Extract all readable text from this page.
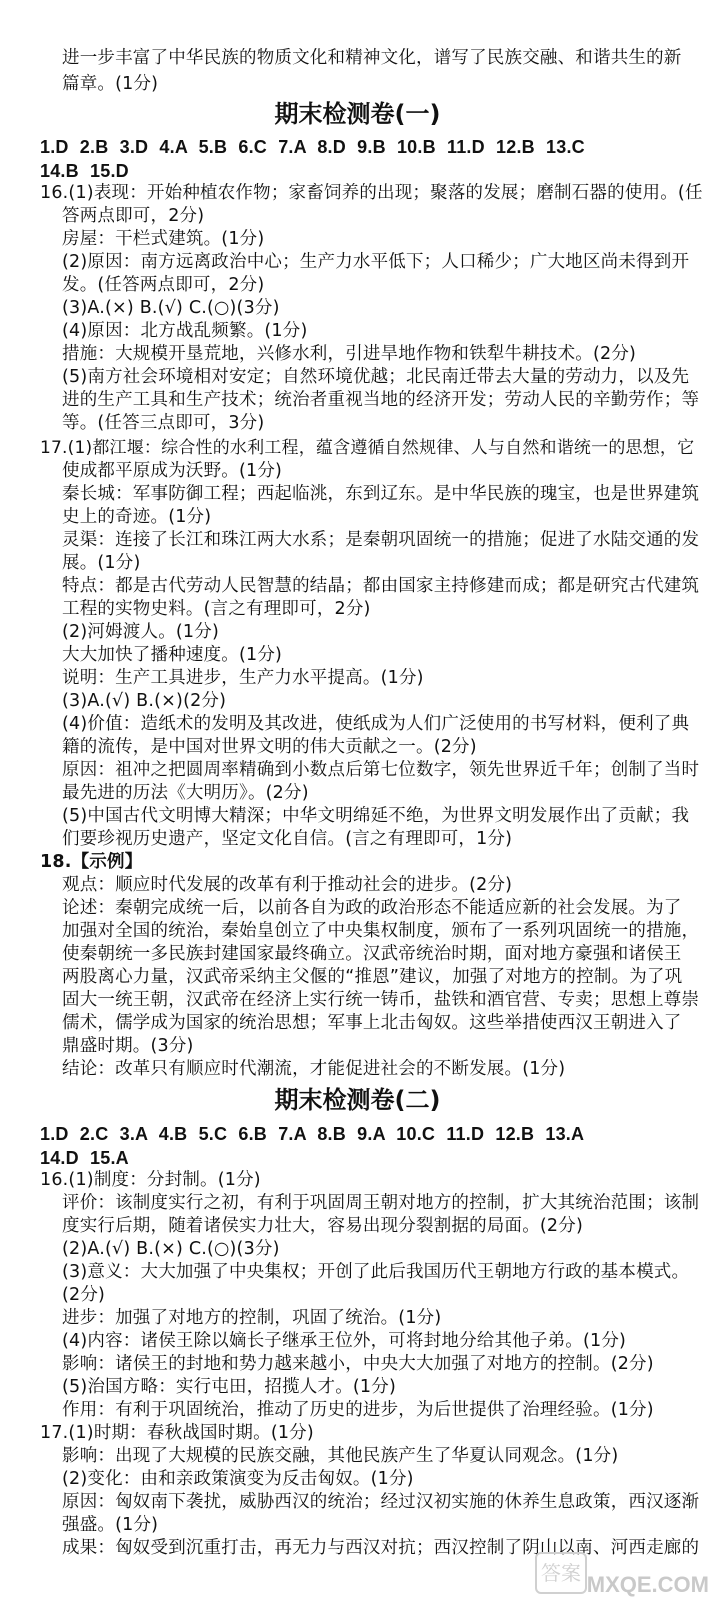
进一步丰富了中华民族的物质文化和精神文化，谱写了民族交融、和谐共生的新
篇章。(1分)
期末检测卷(一)
1.D 2.B 3.D 4.A 5.B 6.C 7.A 8.D 9.B 10.B 11.D 12.B 13.C
14.B 15.D
16.(1)表现：开始种植农作物；家畜饲养的出现；聚落的发展；磨制石器的使用。(任
答两点即可，2分)
房屋：干栏式建筑。(1分)
(2)原因：南方远离政治中心；生产力水平低下；人口稀少；广大地区尚未得到开
发。(任答两点即可，2分)
(3)A.(×) B.(√) C.(○)(3分)
(4)原因：北方战乱频繁。(1分)
措施：大规模开垦荒地，兴修水利，引进旱地作物和铁犁牛耕技术。(2分)
(5)南方社会环境相对安定；自然环境优越；北民南迁带去大量的劳动力，以及先
进的生产工具和生产技术；统治者重视当地的经济开发；劳动人民的辛勤劳作；等
等。(任答三点即可，3分)
17.(1)都江堰：综合性的水利工程，蕴含遵循自然规律、人与自然和谐统一的思想，它
使成都平原成为沃野。(1分)
秦长城：军事防御工程；西起临洮，东到辽东。是中华民族的瑰宝，也是世界建筑
史上的奇迹。(1分)
灵渠：连接了长江和珠江两大水系；是秦朝巩固统一的措施；促进了水陆交通的发
展。(1分)
特点：都是古代劳动人民智慧的结晶；都由国家主持修建而成；都是研究古代建筑
工程的实物史料。(言之有理即可，2分)
(2)河姆渡人。(1分)
大大加快了播种速度。(1分)
说明：生产工具进步，生产力水平提高。(1分)
(3)A.(√) B.(×)(2分)
(4)价值：造纸术的发明及其改进，使纸成为人们广泛使用的书写材料，便利了典
籍的流传，是中国对世界文明的伟大贡献之一。(2分)
原因：祖冲之把圆周率精确到小数点后第七位数字，领先世界近千年；创制了当时
最先进的历法《大明历》。(2分)
(5)中国古代文明博大精深；中华文明绵延不绝，为世界文明发展作出了贡献；我
们要珍视历史遗产，坚定文化自信。(言之有理即可，1分)
18.【示例】
观点：顺应时代发展的改革有利于推动社会的进步。(2分)
论述：秦朝完成统一后，以前各自为政的政治形态不能适应新的社会发展。为了
加强对全国的统治，秦始皇创立了中央集权制度，颁布了一系列巩固统一的措施，
使秦朝统一多民族封建国家最终确立。汉武帝统治时期，面对地方豪强和诸侯王
两股离心力量，汉武帝采纳主父偃的“推恩”建议，加强了对地方的控制。为了巩
固大一统王朝，汉武帝在经济上实行统一铸币，盐铁和酒官营、专卖；思想上尊崇
儒术，儒学成为国家的统治思想；军事上北击匈奴。这些举措使西汉王朝进入了
鼎盛时期。(3分)
结论：改革只有顺应时代潮流，才能促进社会的不断发展。(1分)
期末检测卷(二)
1.D 2.C 3.A 4.B 5.C 6.B 7.A 8.B 9.A 10.C 11.D 12.B 13.A
14.D 15.A
16.(1)制度：分封制。(1分)
评价：该制度实行之初，有利于巩固周王朝对地方的控制，扩大其统治范围；该制
度实行后期，随着诸侯实力壮大，容易出现分裂割据的局面。(2分)
(2)A.(√) B.(×) C.(○)(3分)
(3)意义：大大加强了中央集权；开创了此后我国历代王朝地方行政的基本模式。
(2分)
进步：加强了对地方的控制，巩固了统治。(1分)
(4)内容：诸侯王除以嫡长子继承王位外，可将封地分给其他子弟。(1分)
影响：诸侯王的封地和势力越来越小，中央大大加强了对地方的控制。(2分)
(5)治国方略：实行屯田，招揽人才。(1分)
作用：有利于巩固统治，推动了历史的进步，为后世提供了治理经验。(1分)
17.(1)时期：春秋战国时期。(1分)
影响：出现了大规模的民族交融，其他民族产生了华夏认同观念。(1分)
(2)变化：由和亲政策演变为反击匈奴。(1分)
原因：匈奴南下袭扰，威胁西汉的统治；经过汉初实施的休养生息政策，西汉逐渐
强盛。(1分)
成果：匈奴受到沉重打击，再无力与西汉对抗；西汉控制了阴山以南、河西走廊的
答案 MXQE.COM
